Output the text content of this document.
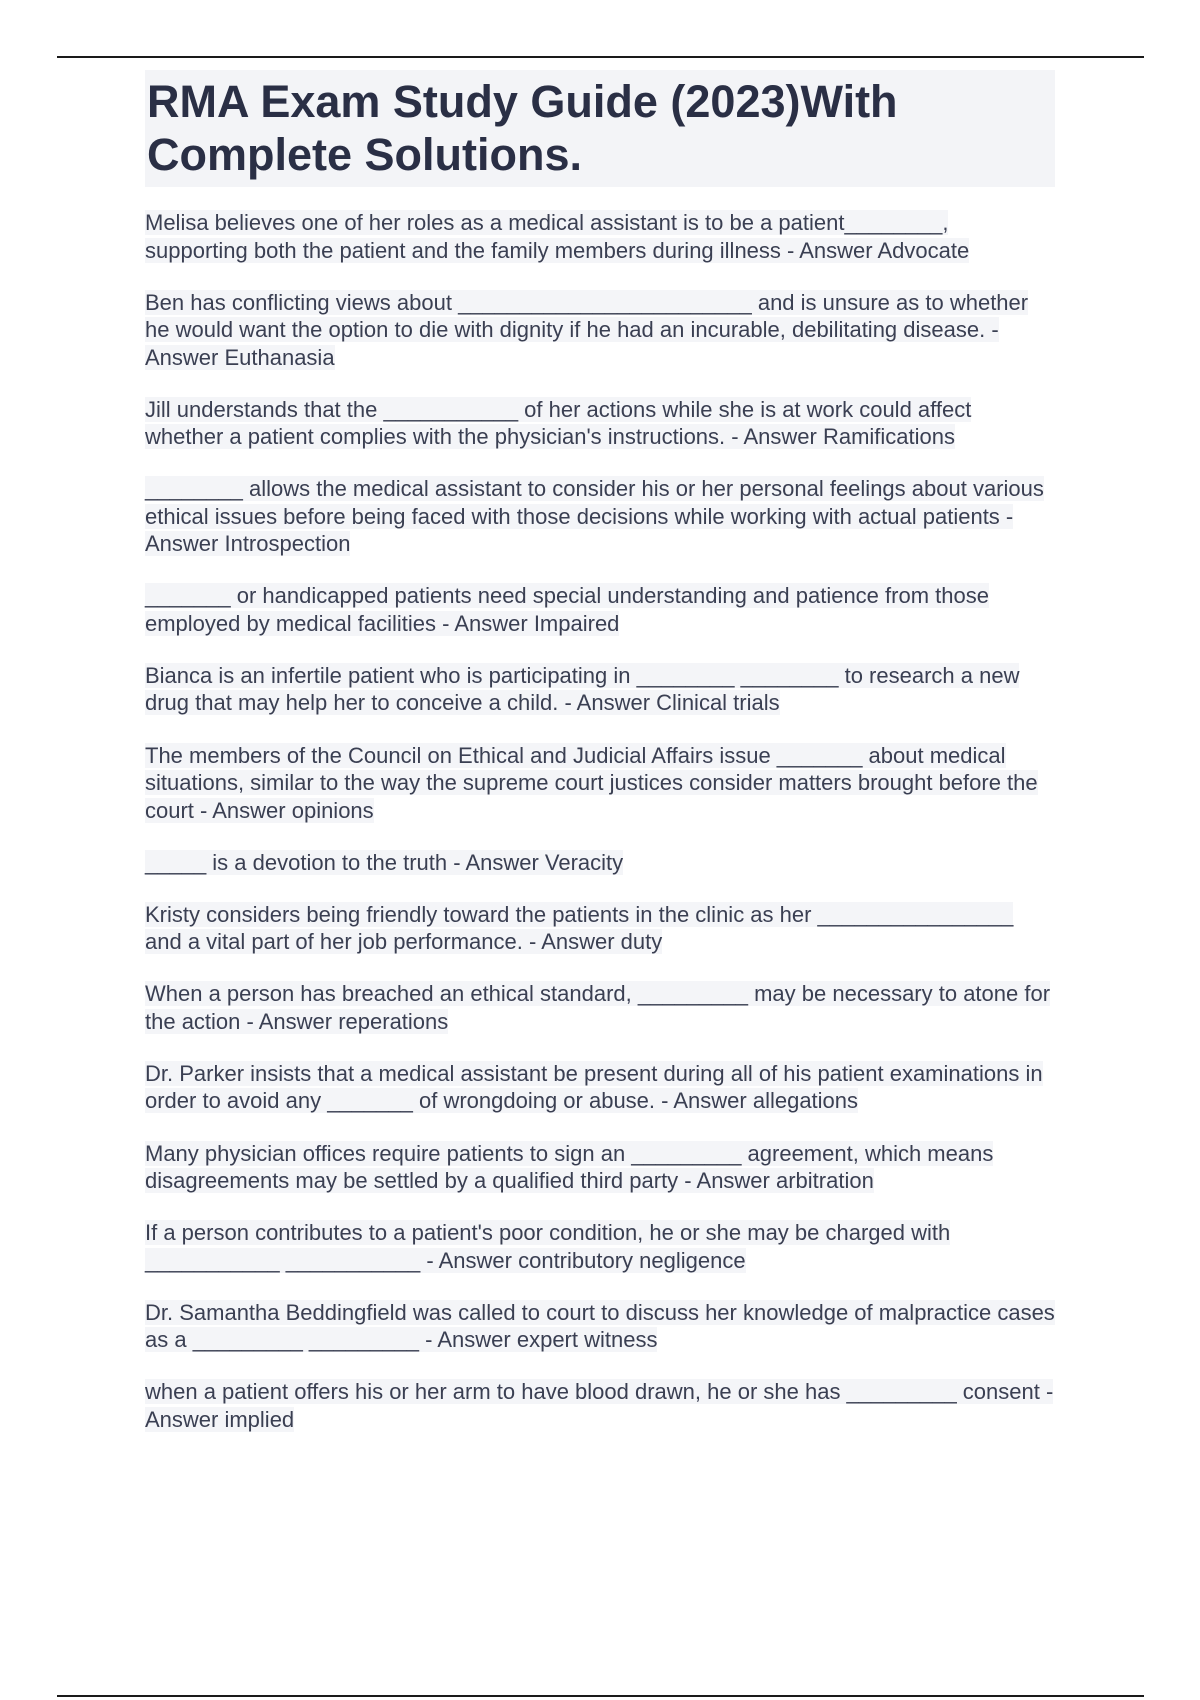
RMA Exam Study Guide (2023)With Complete Solutions.
Melisa believes one of her roles as a medical assistant is to be a patient________, supporting both the patient and the family members during illness - Answer Advocate
Ben has conflicting views about ________________________ and is unsure as to whether he would want the option to die with dignity if he had an incurable, debilitating disease. - Answer Euthanasia
Jill understands that the ___________ of her actions while she is at work could affect whether a patient complies with the physician's instructions. - Answer Ramifications
________ allows the medical assistant to consider his or her personal feelings about various ethical issues before being faced with those decisions while working with actual patients - Answer Introspection
_______ or handicapped patients need special understanding and patience from those employed by medical facilities - Answer Impaired
Bianca is an infertile patient who is participating in ________ ________ to research a new drug that may help her to conceive a child. - Answer Clinical trials
The members of the Council on Ethical and Judicial Affairs issue _______ about medical situations, similar to the way the supreme court justices consider matters brought before the court - Answer opinions
_____ is a devotion to the truth - Answer Veracity
Kristy considers being friendly toward the patients in the clinic as her ________________ and a vital part of her job performance. - Answer duty
When a person has breached an ethical standard, _________ may be necessary to atone for the action - Answer reperations
Dr. Parker insists that a medical assistant be present during all of his patient examinations in order to avoid any _______ of wrongdoing or abuse. - Answer allegations
Many physician offices require patients to sign an _________ agreement, which means disagreements may be settled by a qualified third party - Answer arbitration
If a person contributes to a patient's poor condition, he or she may be charged with ___________ ___________ - Answer contributory negligence
Dr. Samantha Beddingfield was called to court to discuss her knowledge of malpractice cases as a _________ _________ - Answer expert witness
when a patient offers his or her arm to have blood drawn, he or she has _________ consent - Answer implied
